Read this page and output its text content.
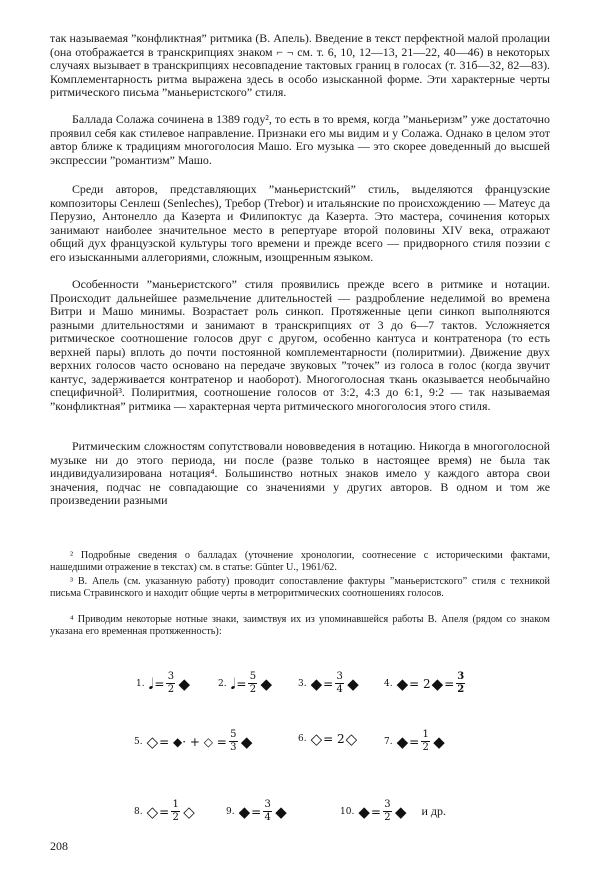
так называемая ”конфликтная” ритмика (В. Апель). Введение в текст перфектной малой пролации (она отображается в транскрипциях знаком ⌐ ¬ см. т. 6, 10, 12—13, 21—22, 40—46) в некоторых случаях вызывает в транскрипциях несовпадение тактовых границ в голосах (т. 31б—32, 82—83). Комплементарность ритма выражена здесь в особо изысканной форме. Эти характерные черты ритмического письма ”маньеристского” стиля.

Баллада Солажа сочинена в 1389 году², то есть в то время, когда ”маньеризм” уже достаточно проявил себя как стилевое направление. Признаки его мы видим и у Солажа. Однако в целом этот автор ближе к традициям многоголосия Машо. Его музыка — это скорее доведенный до высшей экспрессии ”романтизм” Машо.

Среди авторов, представляющих ”маньеристский” стиль, выделяются французские композиторы Сенлеш (Senleches), Требор (Trebor) и итальянские по происхождению — Матеус да Перузио, Антонелло да Казерта и Филипоктус да Казерта. Это мастера, сочинения которых занимают наиболее значительное место в репертуаре второй половины XIV века, отражают общий дух французской культуры того времени и прежде всего — придворного стиля поэзии с его изысканными аллегориями, сложным, изощренным языком.

Особенности ”маньеристского” стиля проявились прежде всего в ритмике и нотации. Происходит дальнейшее размельчение длительностей — раздробление неделимой во времена Витри и Машо минимы. Возрастает роль синкоп. Протяженные цепи синкоп выполняются разными длительностями и занимают в транскрипциях от 3 до 6—7 тактов. Усложняется ритмическое соотношение голосов друг с другом, особенно кантуса и контратенора (то есть верхней пары) вплоть до почти постоянной комплементарности (полиритмии). Движение двух верхних голосов часто основано на передаче звуковых ”точек” из голоса в голос (когда звучит кантус, задерживается контратенор и наоборот). Многоголосная ткань оказывается необычайно специфичной³. Полиритмия, соотношение голосов от 3:2, 4:3 до 6:1, 9:2 — так называемая ”конфликтная” ритмика — характерная черта ритмического многоголосия этого стиля.

Ритмическим сложностям сопутствовали нововведения в нотацию. Никогда в многоголосной музыке ни до этого периода, ни после (разве только в настоящее время) не была так индивидуализирована нотация⁴. Большинство нотных знаков имело у каждого автора свои значения, подчас не совпадающие со значениями у других авторов. В одном и том же произведении разными

² Подробные сведения о балладах (уточнение хронологии, соотнесение с историческими фактами, нашедшими отражение в текстах) см. в статье: Günter U., 1961/62.

³ В. Апель (см. указанную работу) проводит сопоставление фактуры ”маньеристского” стиля с техникой письма Стравинского и находит общие черты в метроритмических соотношениях голосов.

⁴ Приводим некоторые нотные знаки, заимствуя их из упоминавшейся работы В. Апеля (рядом со знаком указана его временная протяженность):

1. 𝅘𝅥 = $\frac{3}{2}$ ◆	2. 𝅘𝅥 = $\frac{5}{2}$ ◆	3. ◆ = $\frac{3}{4}$ ◆	4. ◆ = 2 ◆ = $\frac{3}{2}$
5. ◇ = ◆· + ◇ = $\frac{5}{3}$ ◆	6. ◇ = 2 ◇	7. ◆ = $\frac{1}{2}$ ◆
8. ◇ = $\frac{1}{2}$ ◇	9. ◆ = $\frac{3}{4}$ ◆	10. ◆ = $\frac{3}{2}$ ◆ и др.
208
